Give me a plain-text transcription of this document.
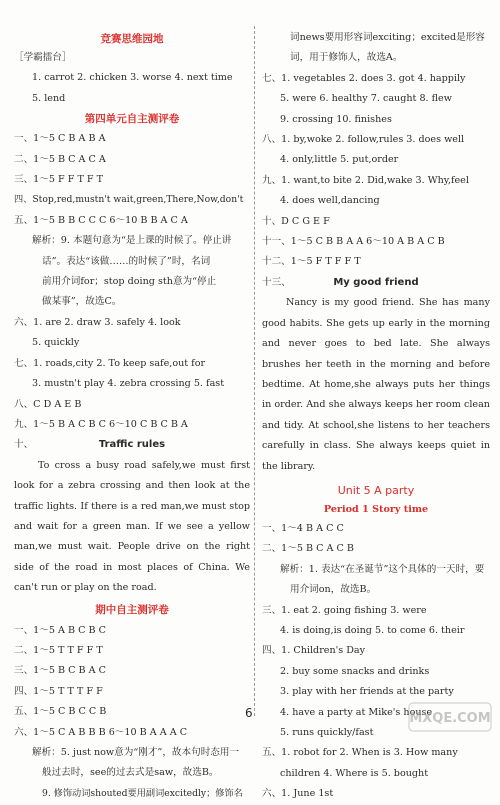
竞赛思维园地
［学霸擂台］
1. carrot 2. chicken 3. worse 4. next time
5. lend
第四单元自主测评卷
一、1～5 C B A B A
二、1～5 B C A C A
三、1～5 F F T F T
四、Stop,red,mustn't wait,green,There,Now,don't
五、1～5 B B C C C 6～10 B B A C A
解析：9. 本题句意为“是上课的时候了。停止讲
话”。表达“该做……的时候了”时，名词
前用介词for；stop doing sth意为“停止
做某事”，故选C。
六、1. are 2. draw 3. safely 4. look
5. quickly
七、1. roads,city 2. To keep safe,out for
3. mustn't play 4. zebra crossing 5. fast
八、C D A E B
九、1～5 B A C B C 6～10 C B C B A
十、	Traffic rules
To cross a busy road safely,we must first look for a zebra crossing and then look at the traffic lights. If there is a red man,we must stop and wait for a green man. If we see a yellow man,we must wait. People drive on the right side of the road in most places of China. We can't run or play on the road.
期中自主测评卷
一、1～5 A B C B C
二、1～5 T T F F T
三、1～5 B C B A C
四、1～5 T T T F F
五、1～5 C B C C B
六、1～5 C A B B B 6～10 B A A A C
解析：5. just now意为“刚才”，故本句时态用一
般过去时，see的过去式是saw，故选B。
9. 修饰动词shouted要用副词excitedly；修饰名
词news要用形容词exciting；excited是形容
词，用于修饰人，故选A。
七、1. vegetables 2. does 3. got 4. happily
5. were 6. healthy 7. caught 8. flew
9. crossing 10. finishes
八、1. by,woke 2. follow,rules 3. does well
4. only,little 5. put,order
九、1. want,to bite 2. Did,wake 3. Why,feel
4. does well,dancing
十、D C G E F
十一、1～5 C B B A A 6～10 A B A C B
十二、1～5 F T F F T
十三、	My good friend
Nancy is my good friend. She has many good habits. She gets up early in the morning and never goes to bed late. She always brushes her teeth in the morning and before bedtime. At home,she always puts her things in order. And she always keeps her room clean and tidy. At school,she listens to her teachers carefully in class. She always keeps quiet in the library.
Unit 5 A party
Period 1 Story time
一、1～4 B A C C
二、1～5 B C A C B
解析：1. 表达“在圣诞节”这个具体的一天时，要
用介词on，故选B。
三、1. eat 2. going fishing 3. were
4. is doing,is doing 5. to come 6. their
四、1. Children's Day
2. buy some snacks and drinks
3. play with her friends at the party
4. have a party at Mike's house
5. runs quickly/fast
五、1. robot for 2. When is 3. How many
children 4. Where is 5. bought
六、1. June 1st
6	MXQE.COM
